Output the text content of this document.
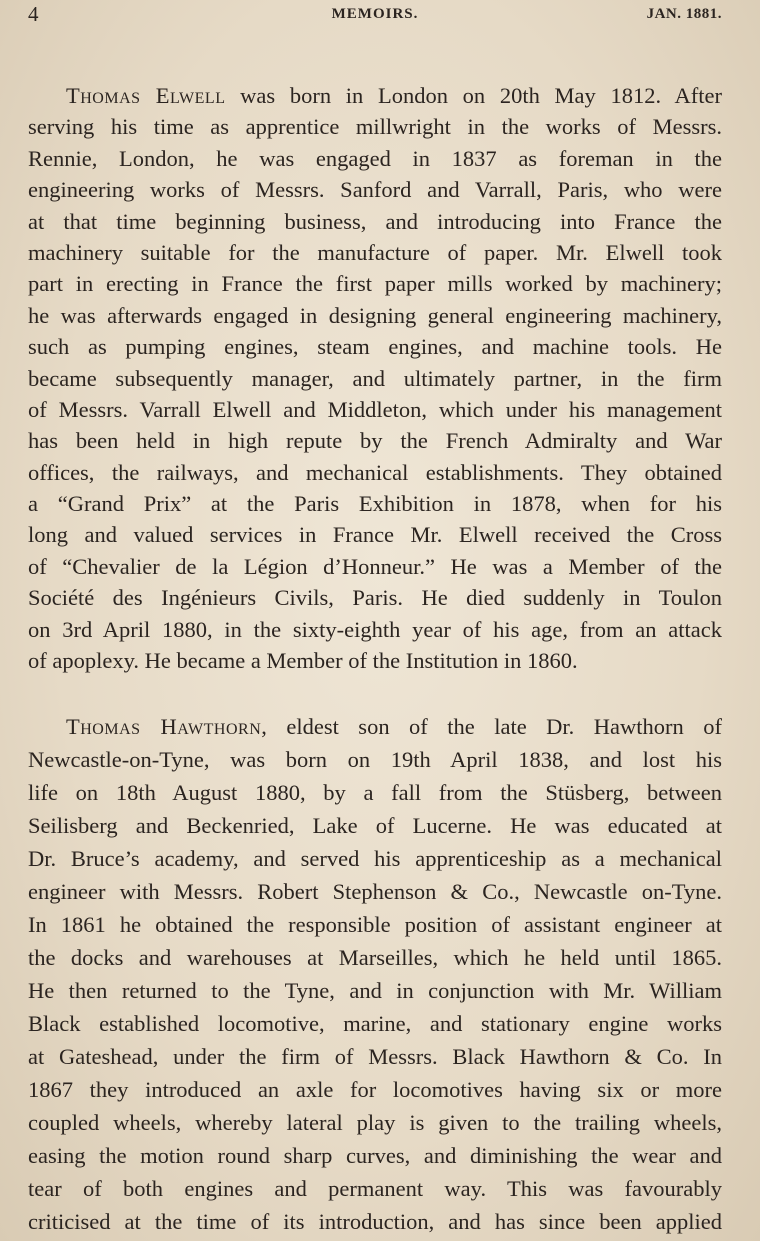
4	MEMOIRS.	JAN. 1881.
Thomas Elwell was born in London on 20th May 1812. After
serving his time as apprentice millwright in the works of Messrs.
Rennie, London, he was engaged in 1837 as foreman in the
engineering works of Messrs. Sanford and Varrall, Paris, who were
at that time beginning business, and introducing into France the
machinery suitable for the manufacture of paper. Mr. Elwell took
part in erecting in France the first paper mills worked by machinery;
he was afterwards engaged in designing general engineering machinery,
such as pumping engines, steam engines, and machine tools. He
became subsequently manager, and ultimately partner, in the firm
of Messrs. Varrall Elwell and Middleton, which under his management
has been held in high repute by the French Admiralty and War
offices, the railways, and mechanical establishments. They obtained
a “Grand Prix” at the Paris Exhibition in 1878, when for his
long and valued services in France Mr. Elwell received the Cross
of “Chevalier de la Légion d’Honneur.” He was a Member of the
Société des Ingénieurs Civils, Paris. He died suddenly in Toulon
on 3rd April 1880, in the sixty-eighth year of his age, from an attack
of apoplexy. He became a Member of the Institution in 1860.
Thomas Hawthorn, eldest son of the late Dr. Hawthorn of
Newcastle-on-Tyne, was born on 19th April 1838, and lost his
life on 18th August 1880, by a fall from the Stüsberg, between
Seilisberg and Beckenried, Lake of Lucerne. He was educated at
Dr. Bruce’s academy, and served his apprenticeship as a mechanical
engineer with Messrs. Robert Stephenson & Co., Newcastle on-Tyne.
In 1861 he obtained the responsible position of assistant engineer at
the docks and warehouses at Marseilles, which he held until 1865.
He then returned to the Tyne, and in conjunction with Mr. William
Black established locomotive, marine, and stationary engine works
at Gateshead, under the firm of Messrs. Black Hawthorn & Co. In
1867 they introduced an axle for locomotives having six or more
coupled wheels, whereby lateral play is given to the trailing wheels,
easing the motion round sharp curves, and diminishing the wear and
tear of both engines and permanent way. This was favourably
criticised at the time of its introduction, and has since been applied
